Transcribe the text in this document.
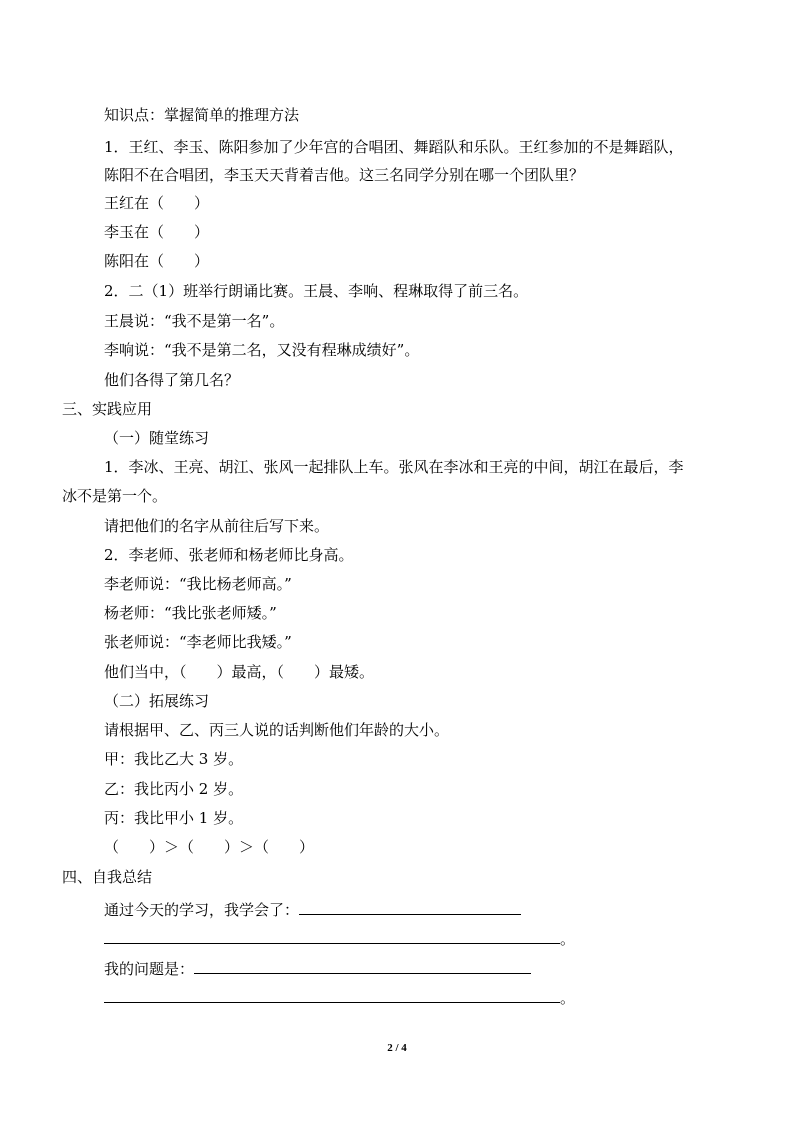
知识点：掌握简单的推理方法
1．王红、李玉、陈阳参加了少年宫的合唱团、舞蹈队和乐队。王红参加的不是舞蹈队，
陈阳不在合唱团，李玉天天背着吉他。这三名同学分别在哪一个团队里？
王红在（　　）
李玉在（　　）
陈阳在（　　）
2．二（1）班举行朗诵比赛。王晨、李响、程琳取得了前三名。
王晨说：“我不是第一名”。
李响说：“我不是第二名，又没有程琳成绩好”。
他们各得了第几名？
三、实践应用
（一）随堂练习
1．李冰、王亮、胡江、张风一起排队上车。张风在李冰和王亮的中间，胡江在最后，李
冰不是第一个。
请把他们的名字从前往后写下来。
2．李老师、张老师和杨老师比身高。
李老师说：“我比杨老师高。”
杨老师：“我比张老师矮。”
张老师说：“李老师比我矮。”
他们当中，（　　）最高，（　　）最矮。
（二）拓展练习
请根据甲、乙、丙三人说的话判断他们年龄的大小。
甲：我比乙大 3 岁。
乙：我比丙小 2 岁。
丙：我比甲小 1 岁。
（　　）＞（　　）＞（　　）
四、自我总结
通过今天的学习，我学会了：
。
我的问题是：
。
2 / 4
